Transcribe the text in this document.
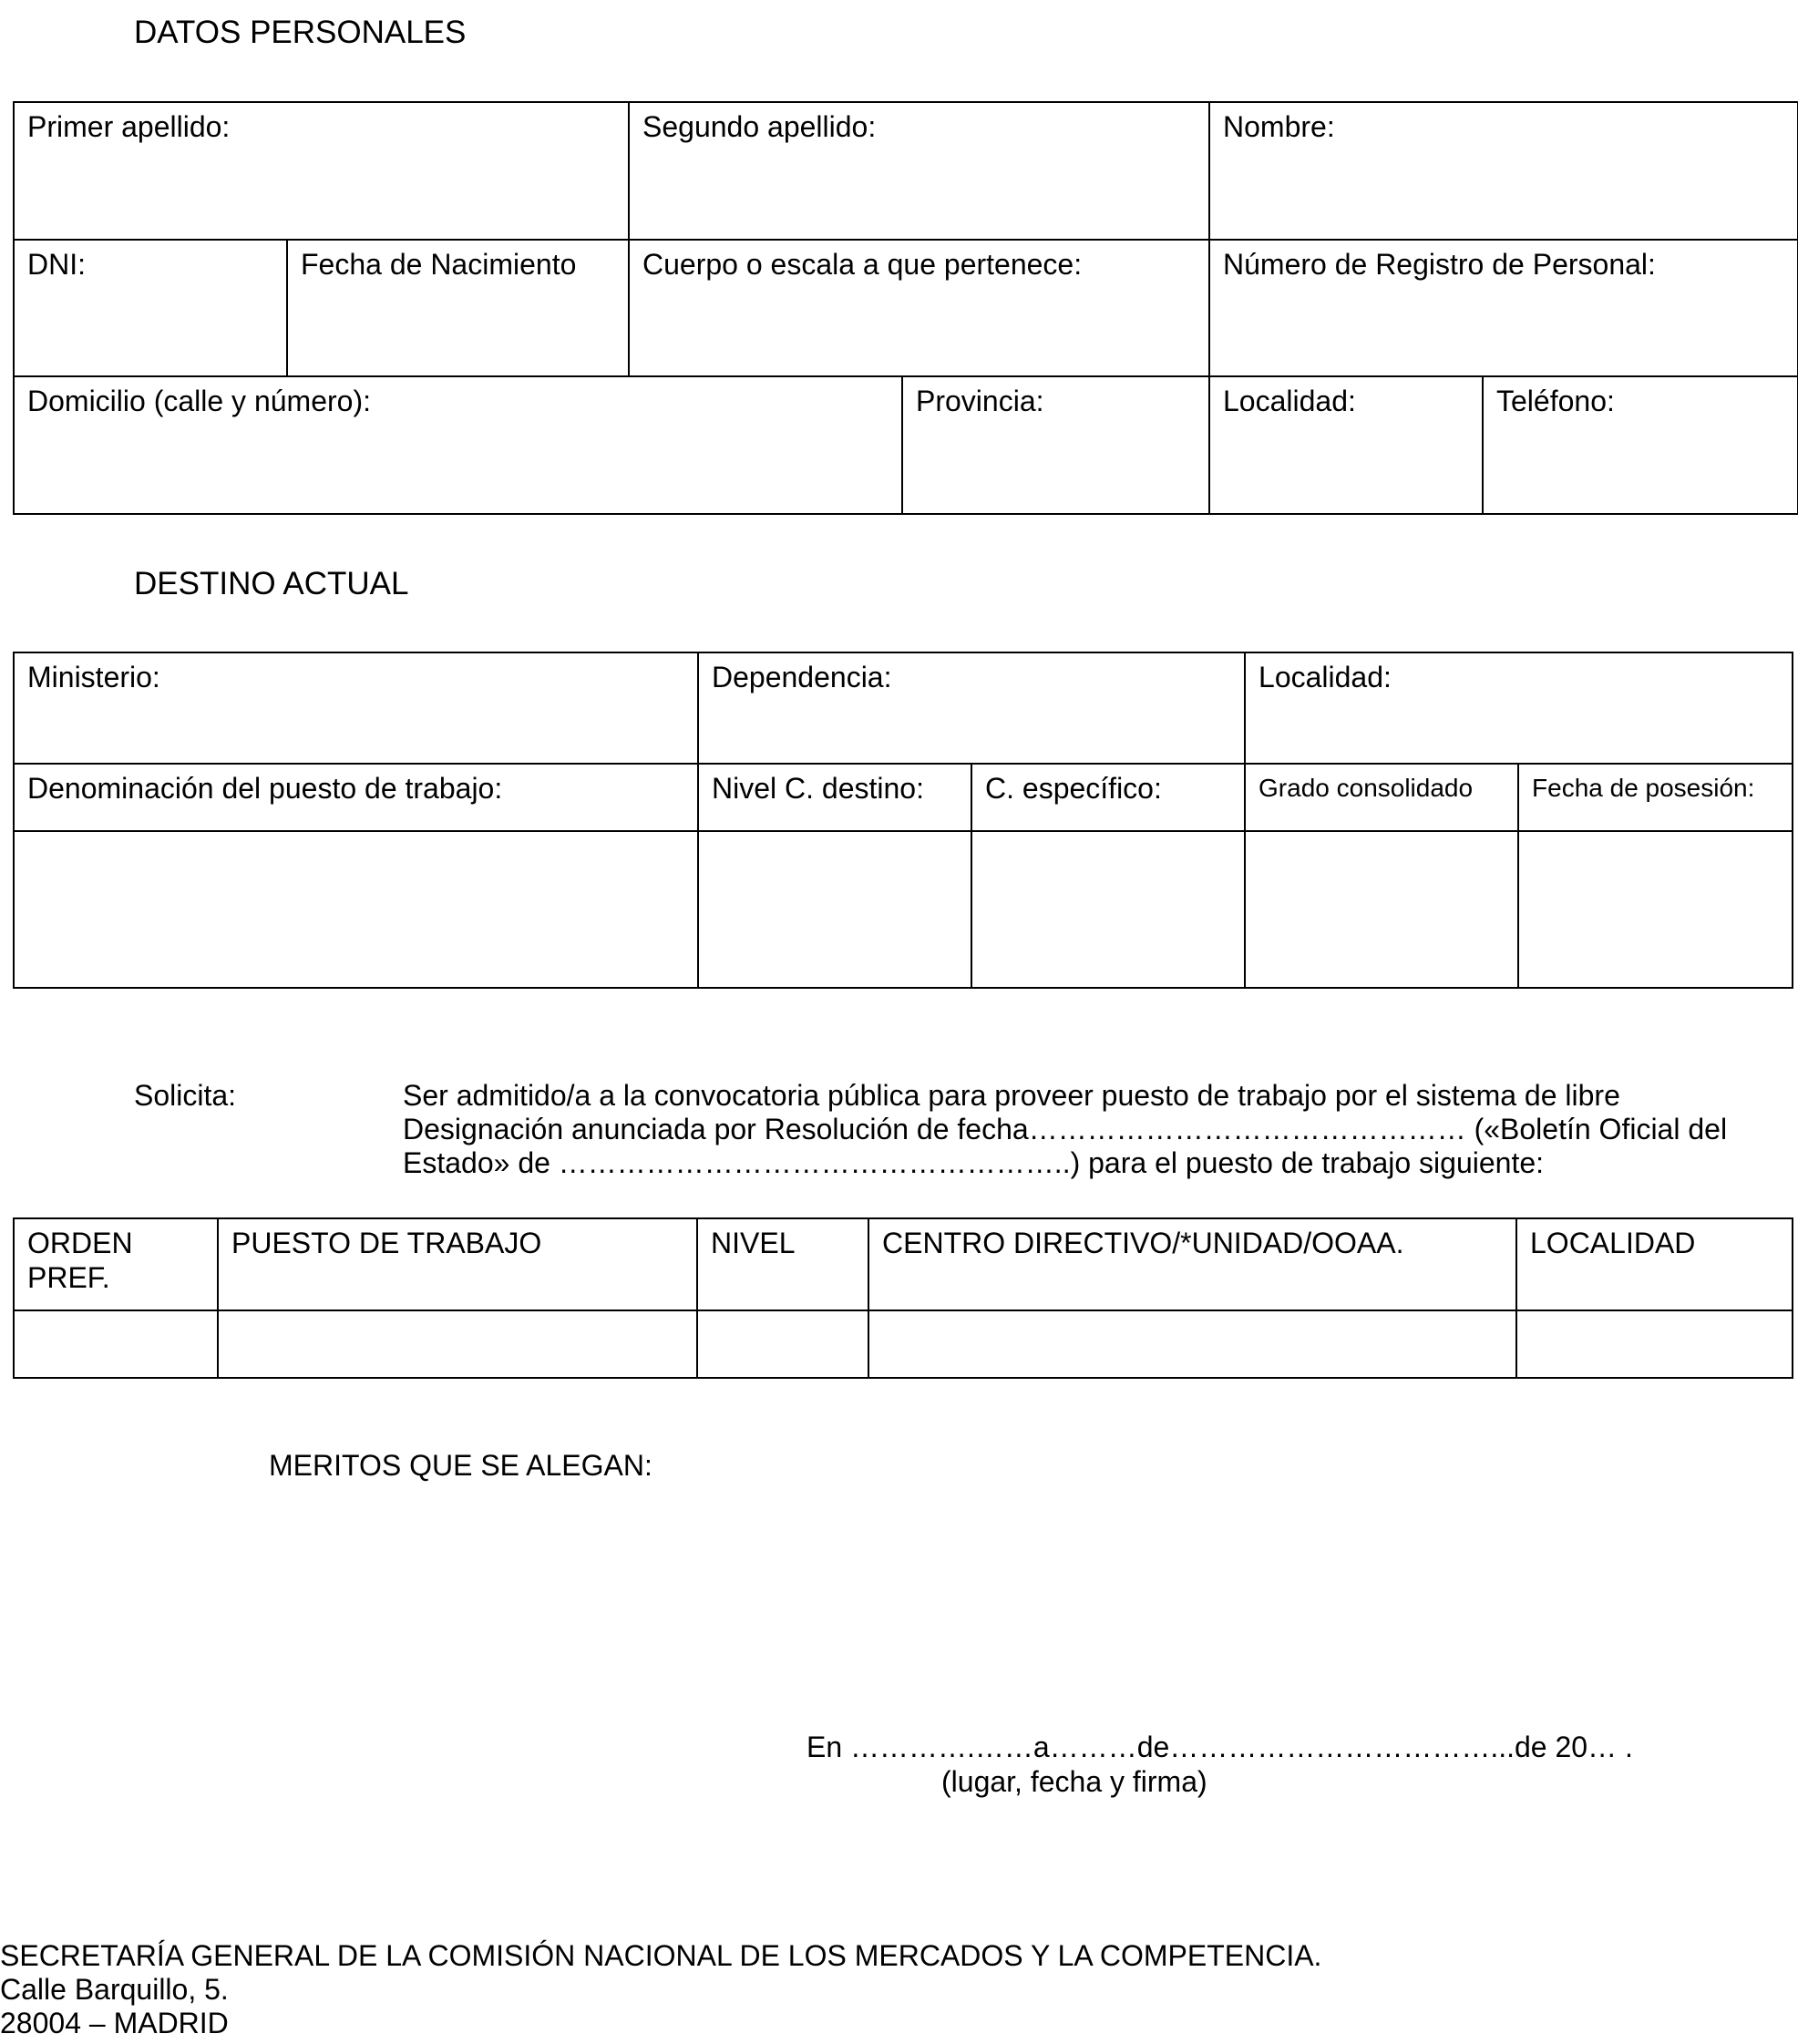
DATOS PERSONALES
Primer apellido:		Segundo apellido:		Nombre:	
DNI:	Fecha de Nacimiento	Cuerpo o escala a que pertenece:		Número de Registro de Personal:	
Domicilio (calle y número):			Provincia:	Localidad:	Teléfono:
DESTINO ACTUAL
Ministerio:	Dependencia:		Localidad:	
Denominación del puesto de trabajo:	Nivel C. destino:	C. específico:	Grado consolidado	Fecha de posesión:

Solicita:	Ser admitido/a a la convocatoria pública para proveer puesto de trabajo por el sistema de libre
Designación anunciada por Resolución de fecha……………………………………… («Boletín Oficial del
Estado» de ……………………………………………..) para el puesto de trabajo siguiente:
ORDEN PREF.	PUESTO DE TRABAJO	NIVEL	CENTRO DIRECTIVO/*UNIDAD/OOAA.	LOCALIDAD

MERITOS QUE SE ALEGAN:
En ………….……a………de……………………………...de 20… .
(lugar, fecha y firma)
SECRETARÍA GENERAL DE LA COMISIÓN NACIONAL DE LOS MERCADOS Y LA COMPETENCIA.
Calle Barquillo, 5.
28004 – MADRID
